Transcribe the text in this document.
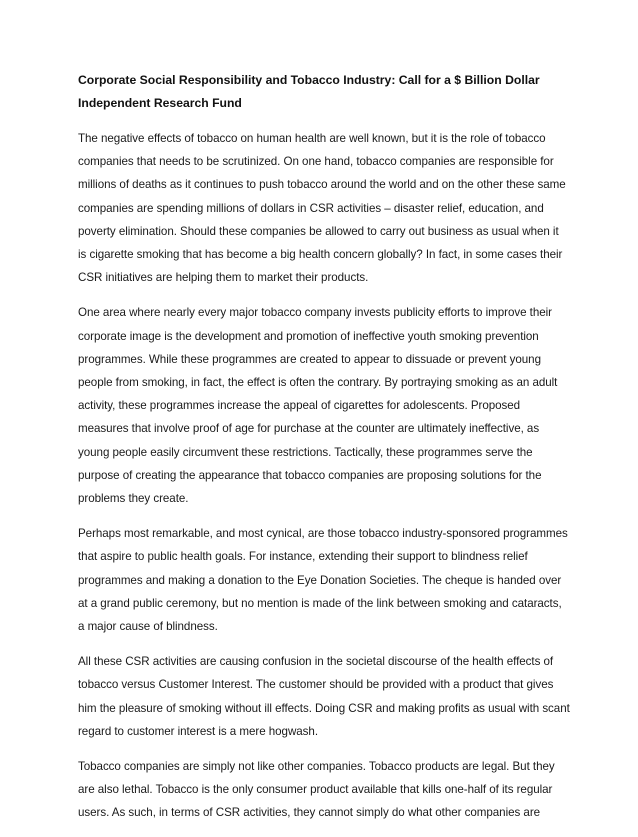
Corporate Social Responsibility and Tobacco Industry: Call for a $ Billion Dollar Independent Research Fund

The negative effects of tobacco on human health are well known, but it is the role of tobacco companies that needs to be scrutinized. On one hand, tobacco companies are responsible for millions of deaths as it continues to push tobacco around the world and on the other these same companies are spending millions of dollars in CSR activities – disaster relief, education, and poverty elimination. Should these companies be allowed to carry out business as usual when it is cigarette smoking that has become a big health concern globally? In fact, in some cases their CSR initiatives are helping them to market their products.

One area where nearly every major tobacco company invests publicity efforts to improve their corporate image is the development and promotion of ineffective youth smoking prevention programmes. While these programmes are created to appear to dissuade or prevent young people from smoking, in fact, the effect is often the contrary. By portraying smoking as an adult activity, these programmes increase the appeal of cigarettes for adolescents. Proposed measures that involve proof of age for purchase at the counter are ultimately ineffective, as young people easily circumvent these restrictions. Tactically, these programmes serve the purpose of creating the appearance that tobacco companies are proposing solutions for the problems they create.

Perhaps most remarkable, and most cynical, are those tobacco industry-sponsored programmes that aspire to public health goals. For instance, extending their support to blindness relief programmes and making a donation to the Eye Donation Societies. The cheque is handed over at a grand public ceremony, but no mention is made of the link between smoking and cataracts, a major cause of blindness.

All these CSR activities are causing confusion in the societal discourse of the health effects of tobacco versus Customer Interest. The customer should be provided with a product that gives him the pleasure of smoking without ill effects. Doing CSR and making profits as usual with scant regard to customer interest is a mere hogwash.

Tobacco companies are simply not like other companies. Tobacco products are legal. But they are also lethal. Tobacco is the only consumer product available that kills one-half of its regular users. As such, in terms of CSR activities, they cannot simply do what other companies are
